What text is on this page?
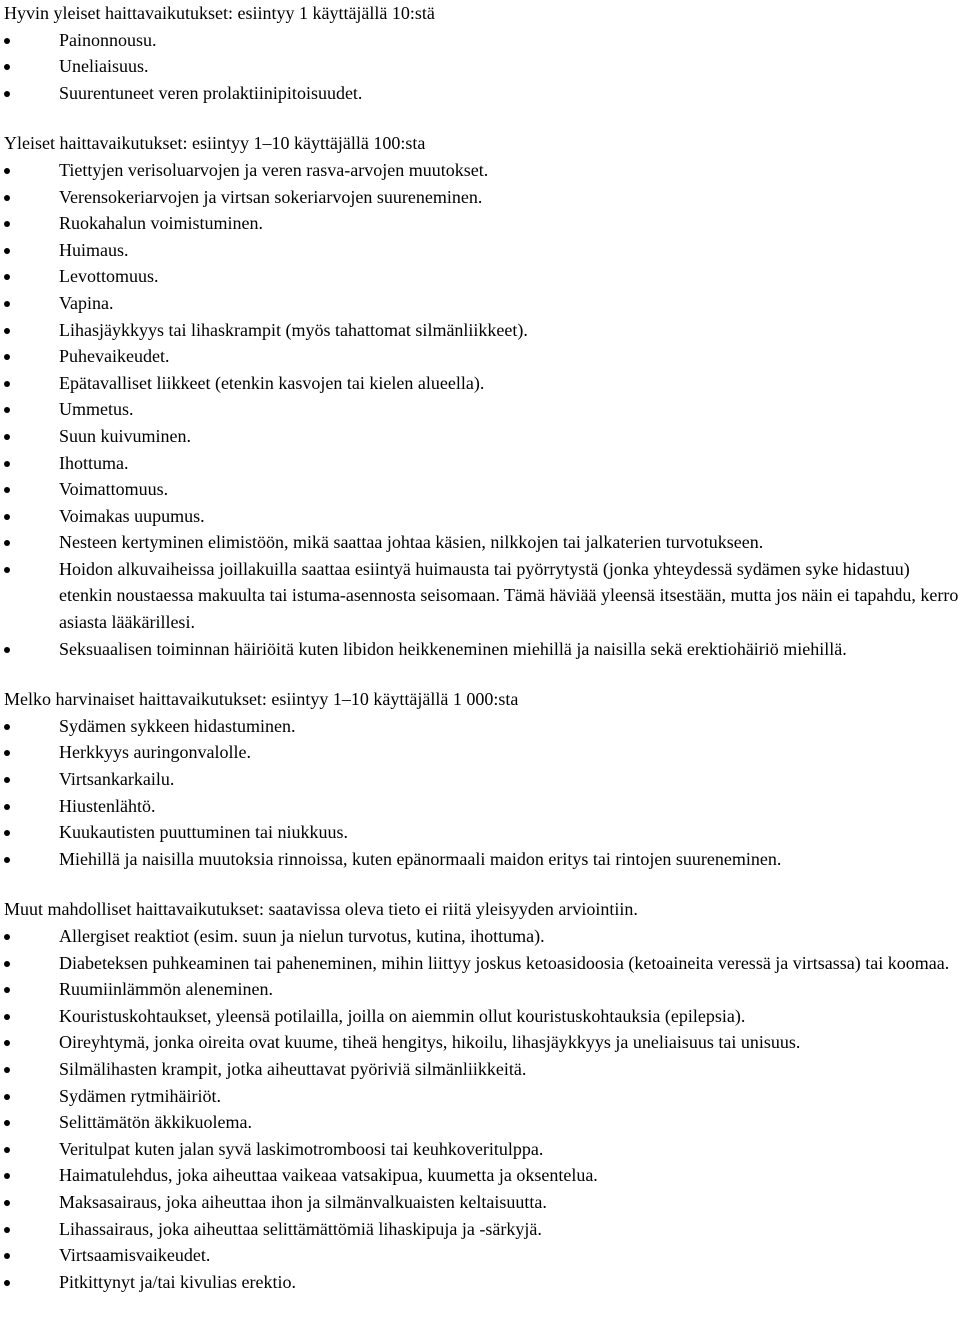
Hyvin yleiset haittavaikutukset: esiintyy 1 käyttäjällä 10:stä

Painonnousu.
Uneliaisuus.
Suurentuneet veren prolaktiinipitoisuudet.

Yleiset haittavaikutukset: esiintyy 1–10 käyttäjällä 100:sta

Tiettyjen verisoluarvojen ja veren rasva-arvojen muutokset.
Verensokeriarvojen ja virtsan sokeriarvojen suureneminen.
Ruokahalun voimistuminen.
Huimaus.
Levottomuus.
Vapina.
Lihasjäykkyys tai lihaskrampit (myös tahattomat silmänliikkeet).
Puhevaikeudet.
Epätavalliset liikkeet (etenkin kasvojen tai kielen alueella).
Ummetus.
Suun kuivuminen.
Ihottuma.
Voimattomuus.
Voimakas uupumus.
Nesteen kertyminen elimistöön, mikä saattaa johtaa käsien, nilkkojen tai jalkaterien turvotukseen.
Hoidon alkuvaiheissa joillakuilla saattaa esiintyä huimausta tai pyörrytystä (jonka yhteydessä sydämen syke hidastuu) etenkin noustaessa makuulta tai istuma-asennosta seisomaan. Tämä häviää yleensä itsestään, mutta jos näin ei tapahdu, kerro asiasta lääkärillesi.
Seksuaalisen toiminnan häiriöitä kuten libidon heikkeneminen miehillä ja naisilla sekä erektiohäiriö miehillä.

Melko harvinaiset haittavaikutukset: esiintyy 1–10 käyttäjällä 1 000:sta

Sydämen sykkeen hidastuminen.
Herkkyys auringonvalolle.
Virtsankarkailu.
Hiustenlähtö.
Kuukautisten puuttuminen tai niukkuus.
Miehillä ja naisilla muutoksia rinnoissa, kuten epänormaali maidon eritys tai rintojen suureneminen.

Muut mahdolliset haittavaikutukset: saatavissa oleva tieto ei riitä yleisyyden arviointiin.

Allergiset reaktiot (esim. suun ja nielun turvotus, kutina, ihottuma).
Diabeteksen puhkeaminen tai paheneminen, mihin liittyy joskus ketoasidoosia (ketoaineita veressä ja virtsassa) tai koomaa.
Ruumiinlämmön aleneminen.
Kouristuskohtaukset, yleensä potilailla, joilla on aiemmin ollut kouristuskohtauksia (epilepsia).
Oireyhtymä, jonka oireita ovat kuume, tiheä hengitys, hikoilu, lihasjäykkyys ja uneliaisuus tai unisuus.
Silmälihasten krampit, jotka aiheuttavat pyöriviä silmänliikkeitä.
Sydämen rytmihäiriöt.
Selittämätön äkkikuolema.
Veritulpat kuten jalan syvä laskimotromboosi tai keuhkoveritulppa.
Haimatulehdus, joka aiheuttaa vaikeaa vatsakipua, kuumetta ja oksentelua.
Maksasairaus, joka aiheuttaa ihon ja silmänvalkuaisten keltaisuutta.
Lihassairaus, joka aiheuttaa selittämättömiä lihaskipuja ja -särkyjä.
Virtsaamisvaikeudet.
Pitkittynyt ja/tai kivulias erektio.
